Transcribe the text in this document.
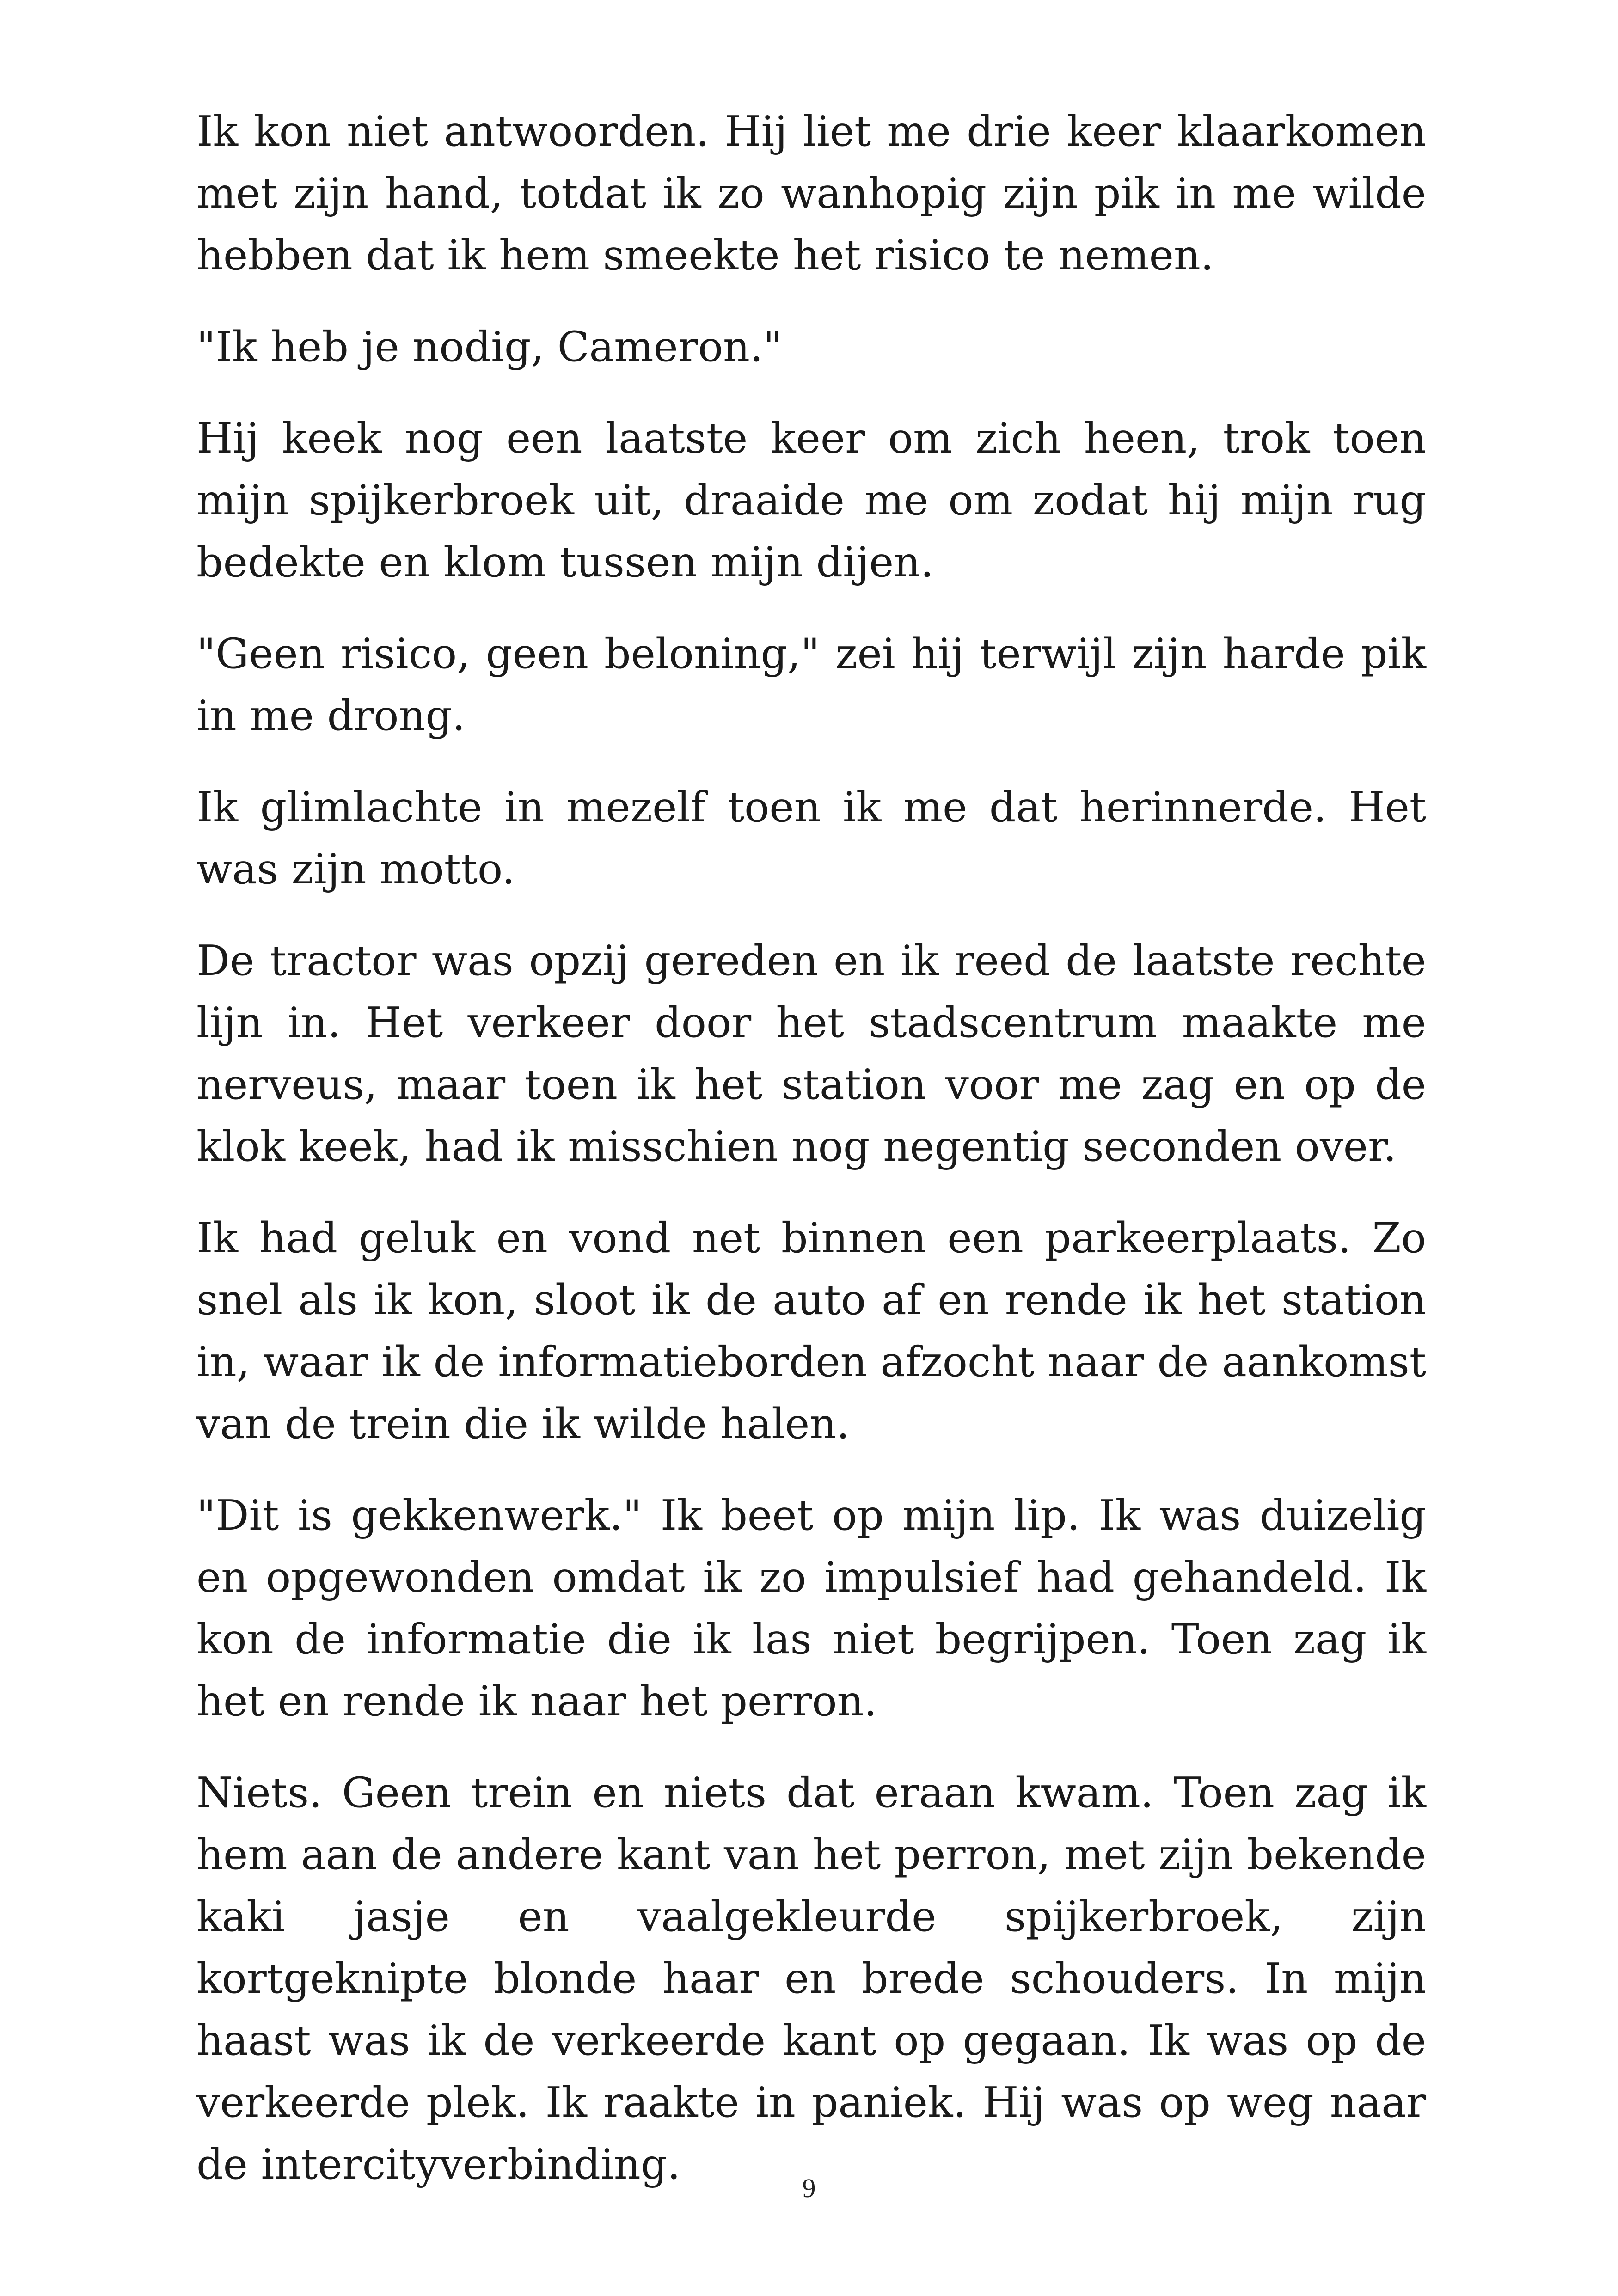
Ik kon niet antwoorden. Hij liet me drie keer klaarkomen met zijn hand, totdat ik zo wanhopig zijn pik in me wilde hebben dat ik hem smeekte het risico te nemen.

"Ik heb je nodig, Cameron."

Hij keek nog een laatste keer om zich heen, trok toen mijn spijkerbroek uit, draaide me om zodat hij mijn rug bedekte en klom tussen mijn dijen.

"Geen risico, geen beloning," zei hij terwijl zijn harde pik in me drong.

Ik glimlachte in mezelf toen ik me dat herinnerde. Het was zijn motto.

De tractor was opzij gereden en ik reed de laatste rechte lijn in. Het verkeer door het stadscentrum maakte me nerveus, maar toen ik het station voor me zag en op de klok keek, had ik misschien nog negentig seconden over.

Ik had geluk en vond net binnen een parkeerplaats. Zo snel als ik kon, sloot ik de auto af en rende ik het station in, waar ik de informatieborden afzocht naar de aankomst van de trein die ik wilde halen.

"Dit is gekkenwerk." Ik beet op mijn lip. Ik was duizelig en opgewonden omdat ik zo impulsief had gehandeld. Ik kon de informatie die ik las niet begrijpen. Toen zag ik het en rende ik naar het perron.

Niets. Geen trein en niets dat eraan kwam. Toen zag ik hem aan de andere kant van het perron, met zijn bekende kaki jasje en vaalgekleurde spijkerbroek, zijn kortgeknipte blonde haar en brede schouders. In mijn haast was ik de verkeerde kant op gegaan. Ik was op de verkeerde plek. Ik raakte in paniek. Hij was op weg naar de intercityverbinding.	9
